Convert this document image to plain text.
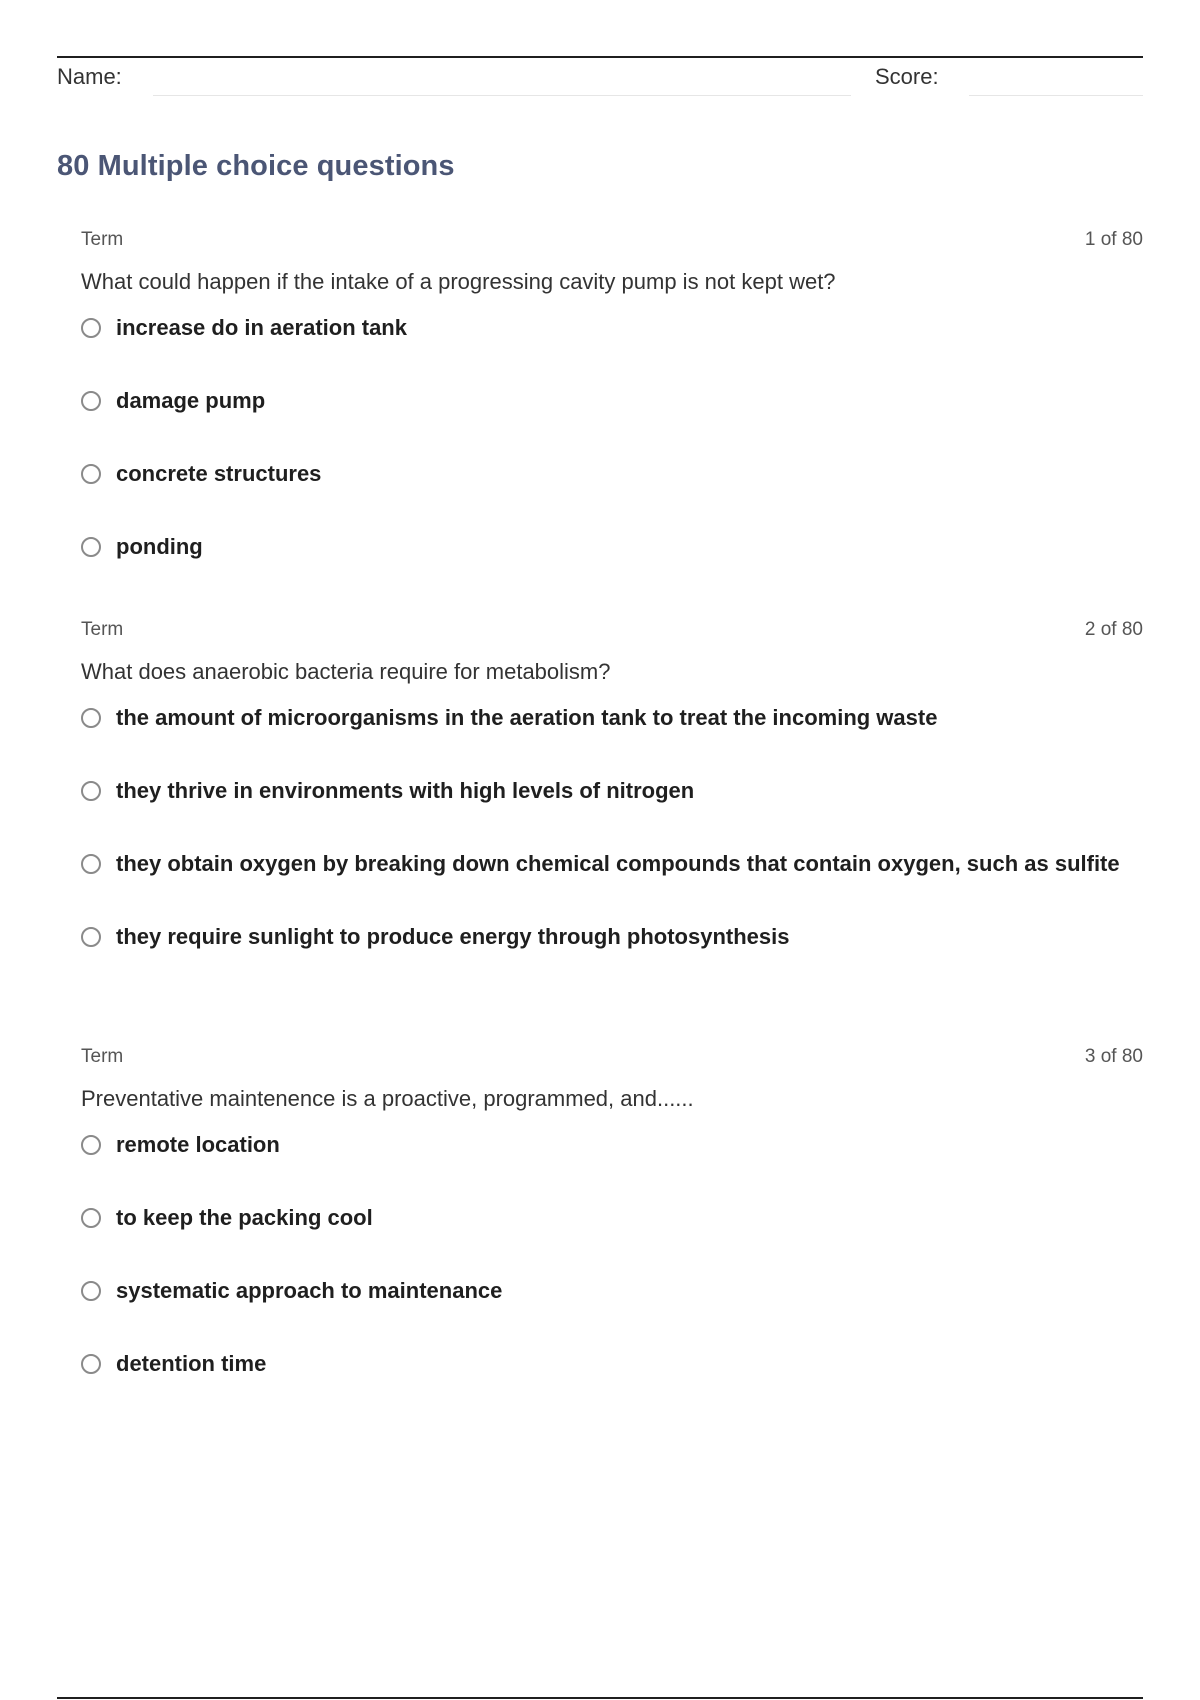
Name:	Score:
80 Multiple choice questions
Term	1 of 80
What could happen if the intake of a progressing cavity pump is not kept wet?
increase do in aeration tank
damage pump
concrete structures
ponding
Term	2 of 80
What does anaerobic bacteria require for metabolism?
the amount of microorganisms in the aeration tank to treat the incoming waste
they thrive in environments with high levels of nitrogen
they obtain oxygen by breaking down chemical compounds that contain oxygen, such as sulfite
they require sunlight to produce energy through photosynthesis
Term	3 of 80
Preventative maintenence is a proactive, programmed, and......
remote location
to keep the packing cool
systematic approach to maintenance
detention time
